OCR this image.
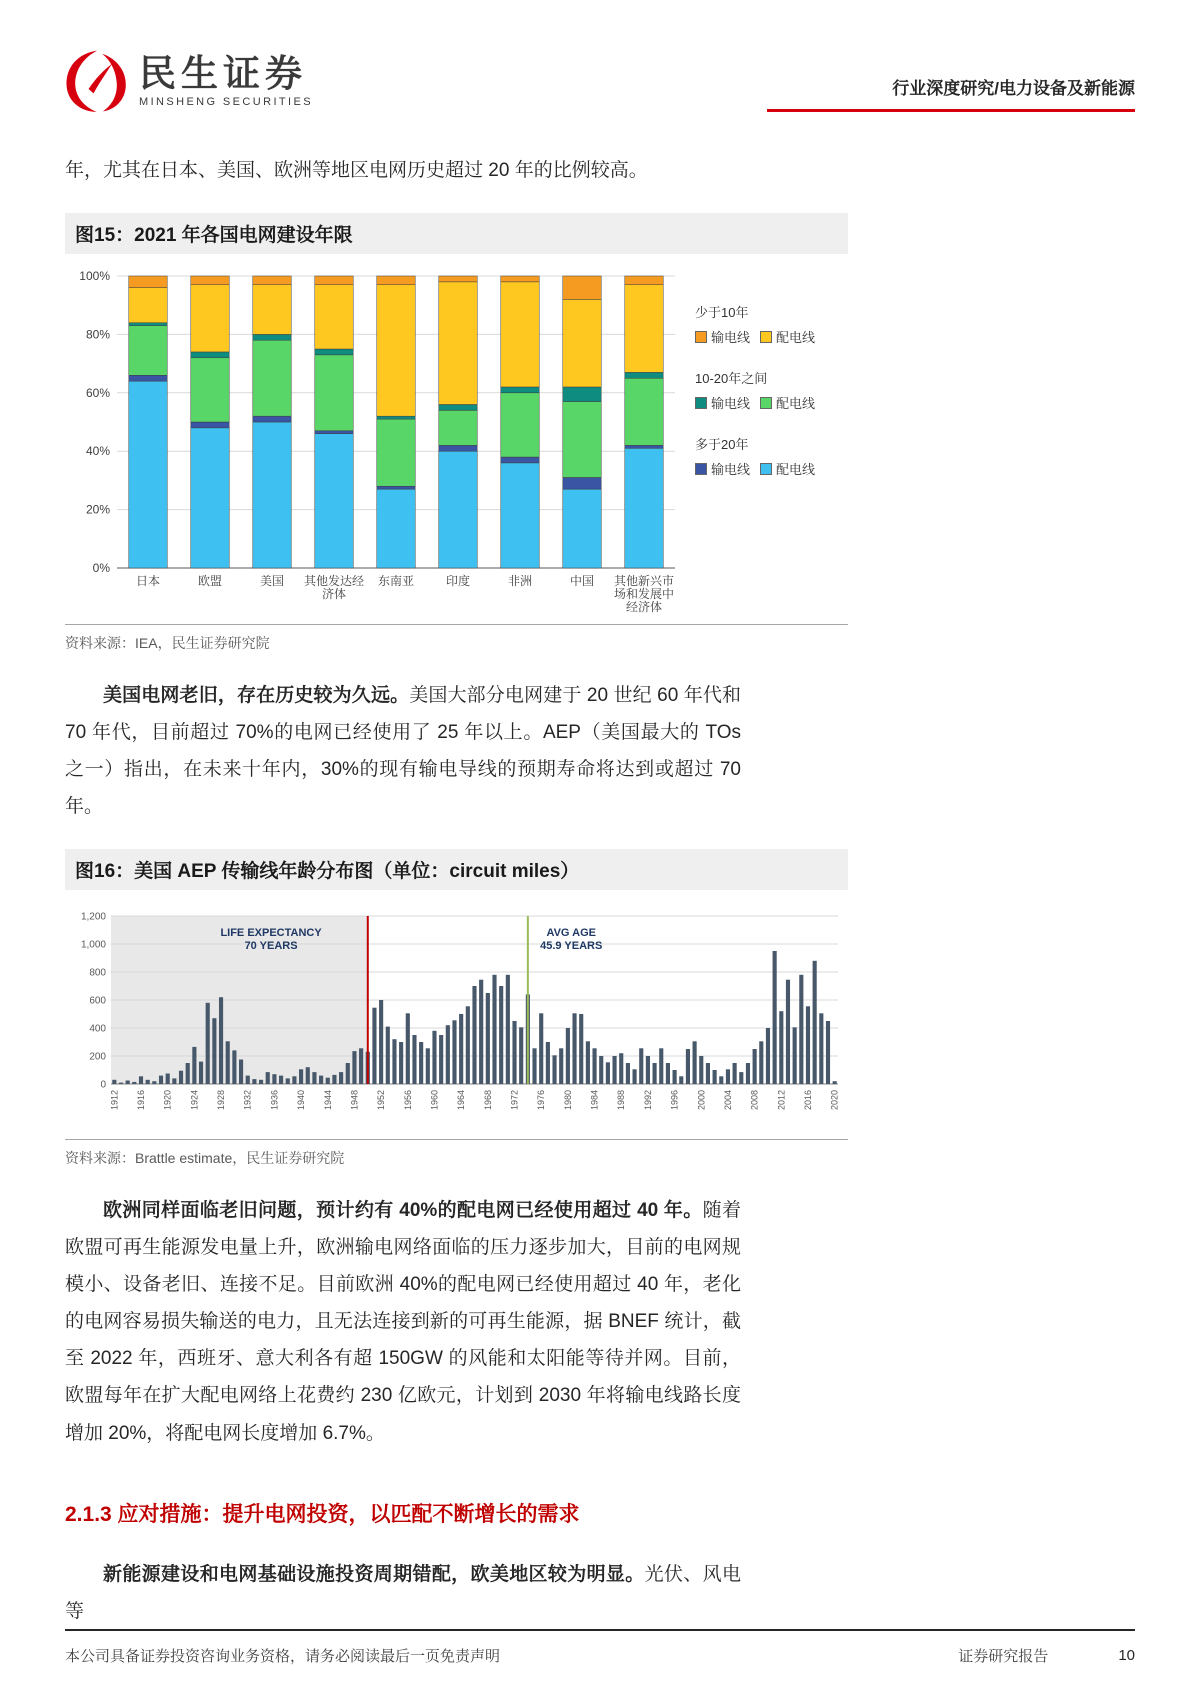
民生证券
MINSHENG SECURITIES
行业深度研究/电力设备及新能源

年，尤其在日本、美国、欧洲等地区电网历史超过 20 年的比例较高。

图15：2021 年各国电网建设年限
0%
20%
40%
60%
80%
100%
日本	欧盟	美国 其他发达经济体
东南亚	印度	非洲	中国 其他新兴市场和发展中经济体
少于10年
输电线 配电线
10-20年之间
输电线 配电线
多于20年
输电线 配电线
资料来源：IEA，民生证券研究院

美国电网老旧，存在历史较为久远。美国大部分电网建于 20 世纪 60 年代和 70 年代，目前超过 70%的电网已经使用了 25 年以上。AEP（美国最大的 TOs 之一）指出，在未来十年内，30%的现有输电导线的预期寿命将达到或超过 70 年。

图16：美国 AEP 传输线年龄分布图（单位：circuit miles）
0
200
400
600
800
1,000
1,200
1912 1916 1920 1924 1928 1932 1936 1940 1944 1948 1952 1956 1960 1964 1968 1972 1976 1980 1984 1988 1992 1996 2000 2004 2008 2012 2016 2020
LIFE EXPECTANCY 70 YEARS
AVG AGE 45.9 YEARS
资料来源：Brattle estimate，民生证券研究院

欧洲同样面临老旧问题，预计约有 40%的配电网已经使用超过 40 年。随着欧盟可再生能源发电量上升，欧洲输电网络面临的压力逐步加大，目前的电网规模小、设备老旧、连接不足。目前欧洲 40%的配电网已经使用超过 40 年，老化的电网容易损失输送的电力，且无法连接到新的可再生能源，据 BNEF 统计，截至 2022 年，西班牙、意大利各有超 150GW 的风能和太阳能等待并网。目前，欧盟每年在扩大配电网络上花费约 230 亿欧元，计划到 2030 年将输电线路长度增加 20%，将配电网长度增加 6.7%。

2.1.3 应对措施：提升电网投资，以匹配不断增长的需求

新能源建设和电网基础设施投资周期错配，欧美地区较为明显。光伏、风电等

本公司具备证券投资咨询业务资格，请务必阅读最后一页免责声明	证券研究报告	10
